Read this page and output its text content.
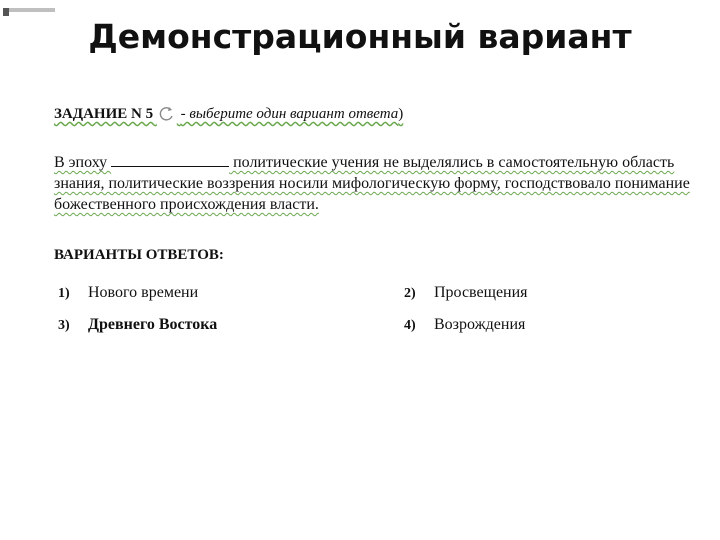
Демонстрационный вариант
ЗАДАНИЕ N 5
- выберите один вариант ответа)
В эпоху	политические учения не выделялись в самостоятельную область знания, политические воззрения носили мифологическую форму, господствовало понимание божественного происхождения власти.
ВАРИАНТЫ ОТВЕТОВ:
1) Нового времени	2) Просвещения
3) Древнего Востока	4) Возрождения
